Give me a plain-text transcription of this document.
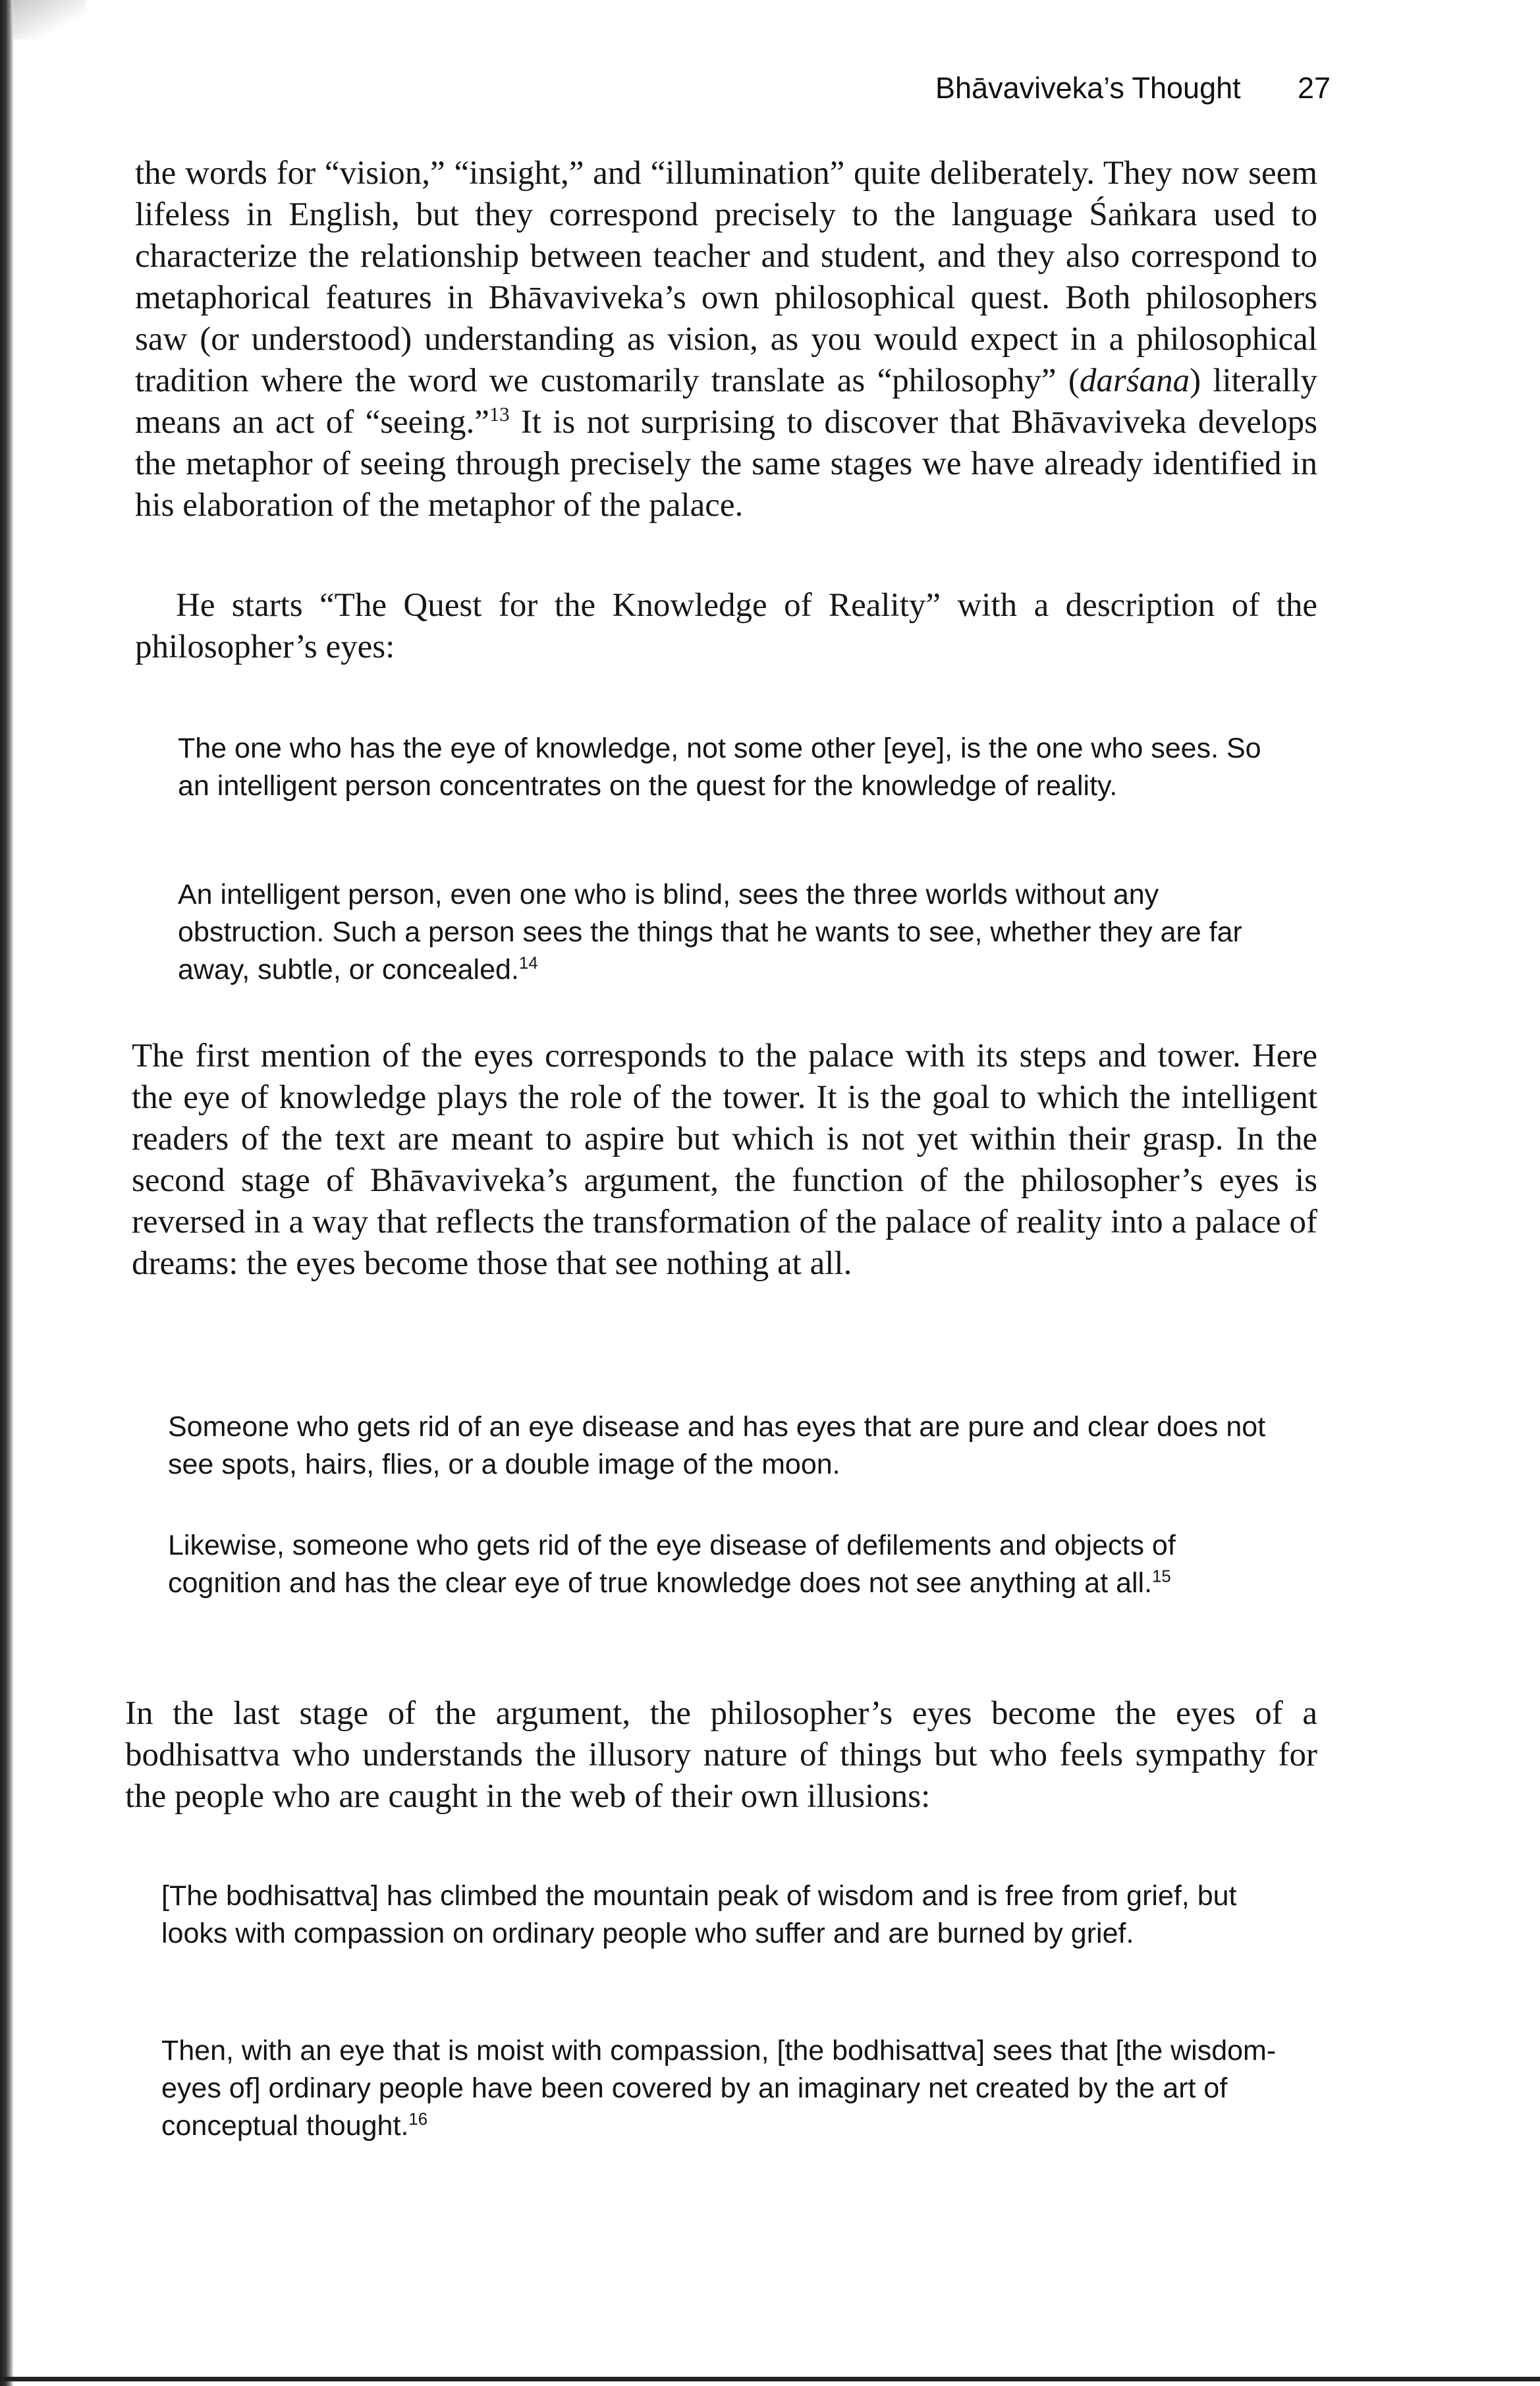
Bhāvaviveka’s Thought 27

the words for “vision,” “insight,” and “illumination” quite deliberately. They now seem lifeless in English, but they correspond precisely to the language Śaṅkara used to characterize the relationship between teacher and student, and they also correspond to metaphorical features in Bhāvaviveka’s own philosophical quest. Both philosophers saw (or understood) understanding as vision, as you would expect in a philosophical tradition where the word we customarily translate as “philosophy” (darśana) literally means an act of “seeing.”$^{13}$ It is not surprising to discover that Bhāvaviveka develops the metaphor of seeing through precisely the same stages we have already identified in his elaboration of the metaphor of the palace.

He starts “The Quest for the Knowledge of Reality” with a description of the philosopher’s eyes:

The one who has the eye of knowledge, not some other [eye], is the one who sees. So an intelligent person concentrates on the quest for the knowledge of reality.

An intelligent person, even one who is blind, sees the three worlds without any obstruction. Such a person sees the things that he wants to see, whether they are far away, subtle, or concealed.$^{14}$

The first mention of the eyes corresponds to the palace with its steps and tower. Here the eye of knowledge plays the role of the tower. It is the goal to which the intelligent readers of the text are meant to aspire but which is not yet within their grasp. In the second stage of Bhāvaviveka’s argument, the function of the philosopher’s eyes is reversed in a way that reflects the transformation of the palace of reality into a palace of dreams: the eyes become those that see nothing at all.

Someone who gets rid of an eye disease and has eyes that are pure and clear does not see spots, hairs, flies, or a double image of the moon.

Likewise, someone who gets rid of the eye disease of defilements and objects of cognition and has the clear eye of true knowledge does not see anything at all.$^{15}$

In the last stage of the argument, the philosopher’s eyes become the eyes of a bodhisattva who understands the illusory nature of things but who feels sympathy for the people who are caught in the web of their own illusions:

[The bodhisattva] has climbed the mountain peak of wisdom and is free from grief, but looks with compassion on ordinary people who suffer and are burned by grief.

Then, with an eye that is moist with compassion, [the bodhisattva] sees that [the wisdom-eyes of] ordinary people have been covered by an imaginary net created by the art of conceptual thought.$^{16}$
